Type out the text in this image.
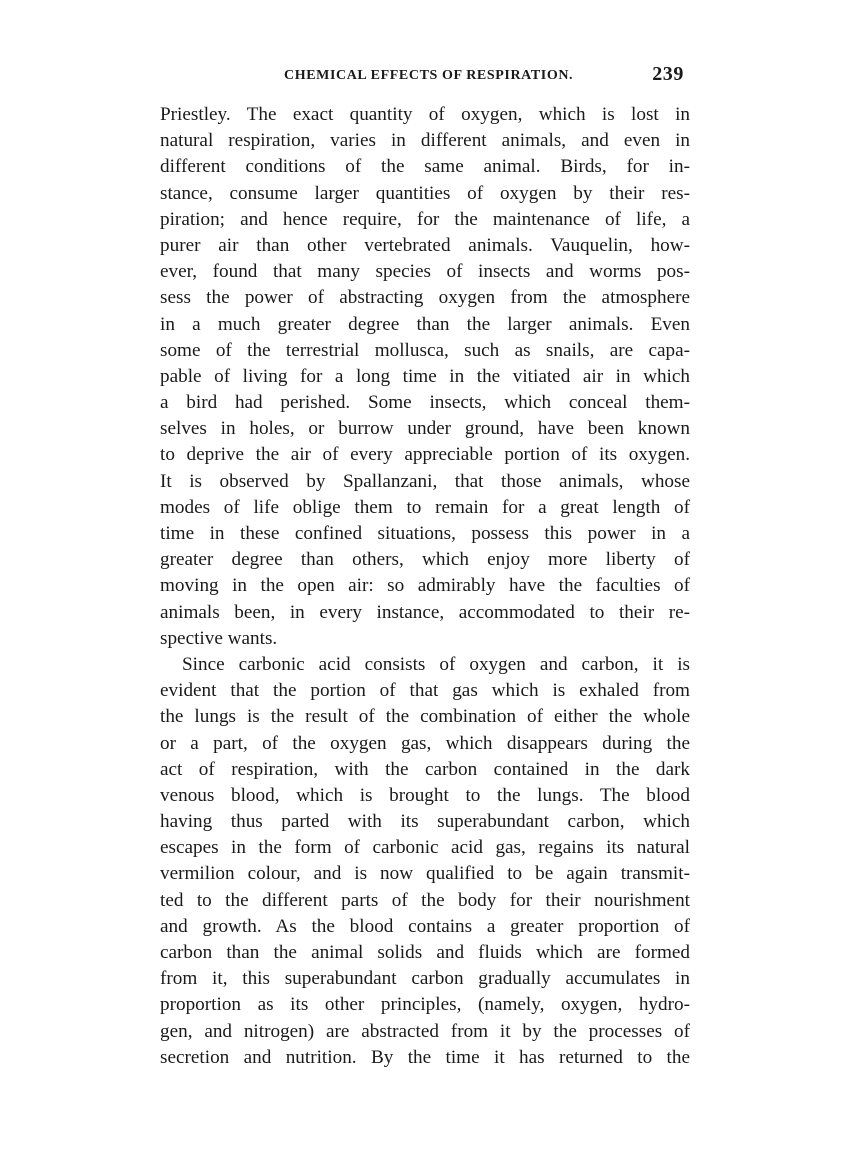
CHEMICAL EFFECTS OF RESPIRATION.	239
Priestley. The exact quantity of oxygen, which is lost in
natural respiration, varies in different animals, and even in
different conditions of the same animal. Birds, for in-
stance, consume larger quantities of oxygen by their res-
piration; and hence require, for the maintenance of life, a
purer air than other vertebrated animals. Vauquelin, how-
ever, found that many species of insects and worms pos-
sess the power of abstracting oxygen from the atmosphere
in a much greater degree than the larger animals. Even
some of the terrestrial mollusca, such as snails, are capa-
pable of living for a long time in the vitiated air in which
a bird had perished. Some insects, which conceal them-
selves in holes, or burrow under ground, have been known
to deprive the air of every appreciable portion of its oxygen.
It is observed by Spallanzani, that those animals, whose
modes of life oblige them to remain for a great length of
time in these confined situations, possess this power in a
greater degree than others, which enjoy more liberty of
moving in the open air: so admirably have the faculties of
animals been, in every instance, accommodated to their re-
spective wants.
Since carbonic acid consists of oxygen and carbon, it is
evident that the portion of that gas which is exhaled from
the lungs is the result of the combination of either the whole
or a part, of the oxygen gas, which disappears during the
act of respiration, with the carbon contained in the dark
venous blood, which is brought to the lungs. The blood
having thus parted with its superabundant carbon, which
escapes in the form of carbonic acid gas, regains its natural
vermilion colour, and is now qualified to be again transmit-
ted to the different parts of the body for their nourishment
and growth. As the blood contains a greater proportion of
carbon than the animal solids and fluids which are formed
from it, this superabundant carbon gradually accumulates in
proportion as its other principles, (namely, oxygen, hydro-
gen, and nitrogen) are abstracted from it by the processes of
secretion and nutrition. By the time it has returned to the
